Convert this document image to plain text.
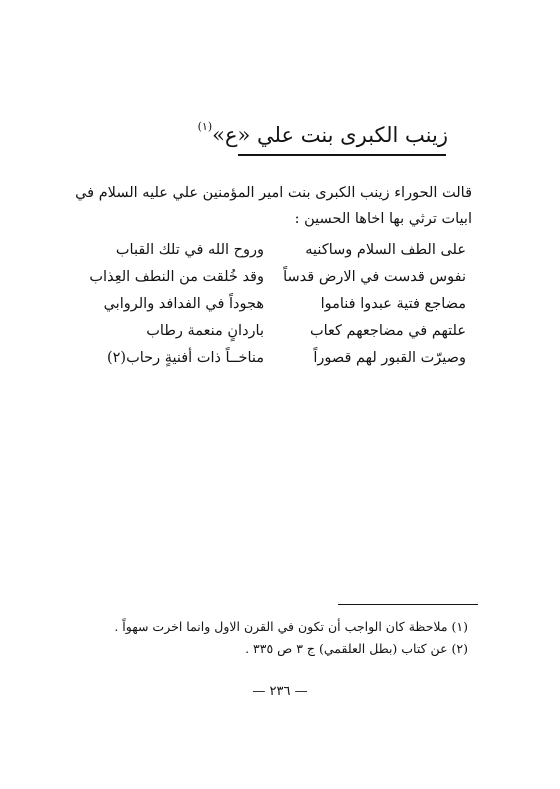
زينب الكبرى بنت علي «ع»$^{(١)}$

قالت الحوراء زينب الكبرى بنت امير المؤمنين علي عليه السلام في

ابيات ترثي بها اخاها الحسين :

على الطف السلام وساكنيه
وروح الله في تلك القباب
نفوس قدست في الارض قدساً
وقد خُلقت من النطف العِذاب
مضاجع فتية عبدوا فناموا
هجوداً في الفدافد والروابي
علتهم في مضاجعهم كعاب
باردانٍ منعمة رطاب
وصيرّت القبور لهم قصوراً
مناخــاً ذات أفنيةٍ رحاب(٢)
(١) ملاحظة كان الواجب أن تكون في القرن الاول وانما اخرت سهواً .
(٢) عن كتاب (بطل العلقمي) ج ٣ ص ٣٣٥ .
— ٢٣٦ —
